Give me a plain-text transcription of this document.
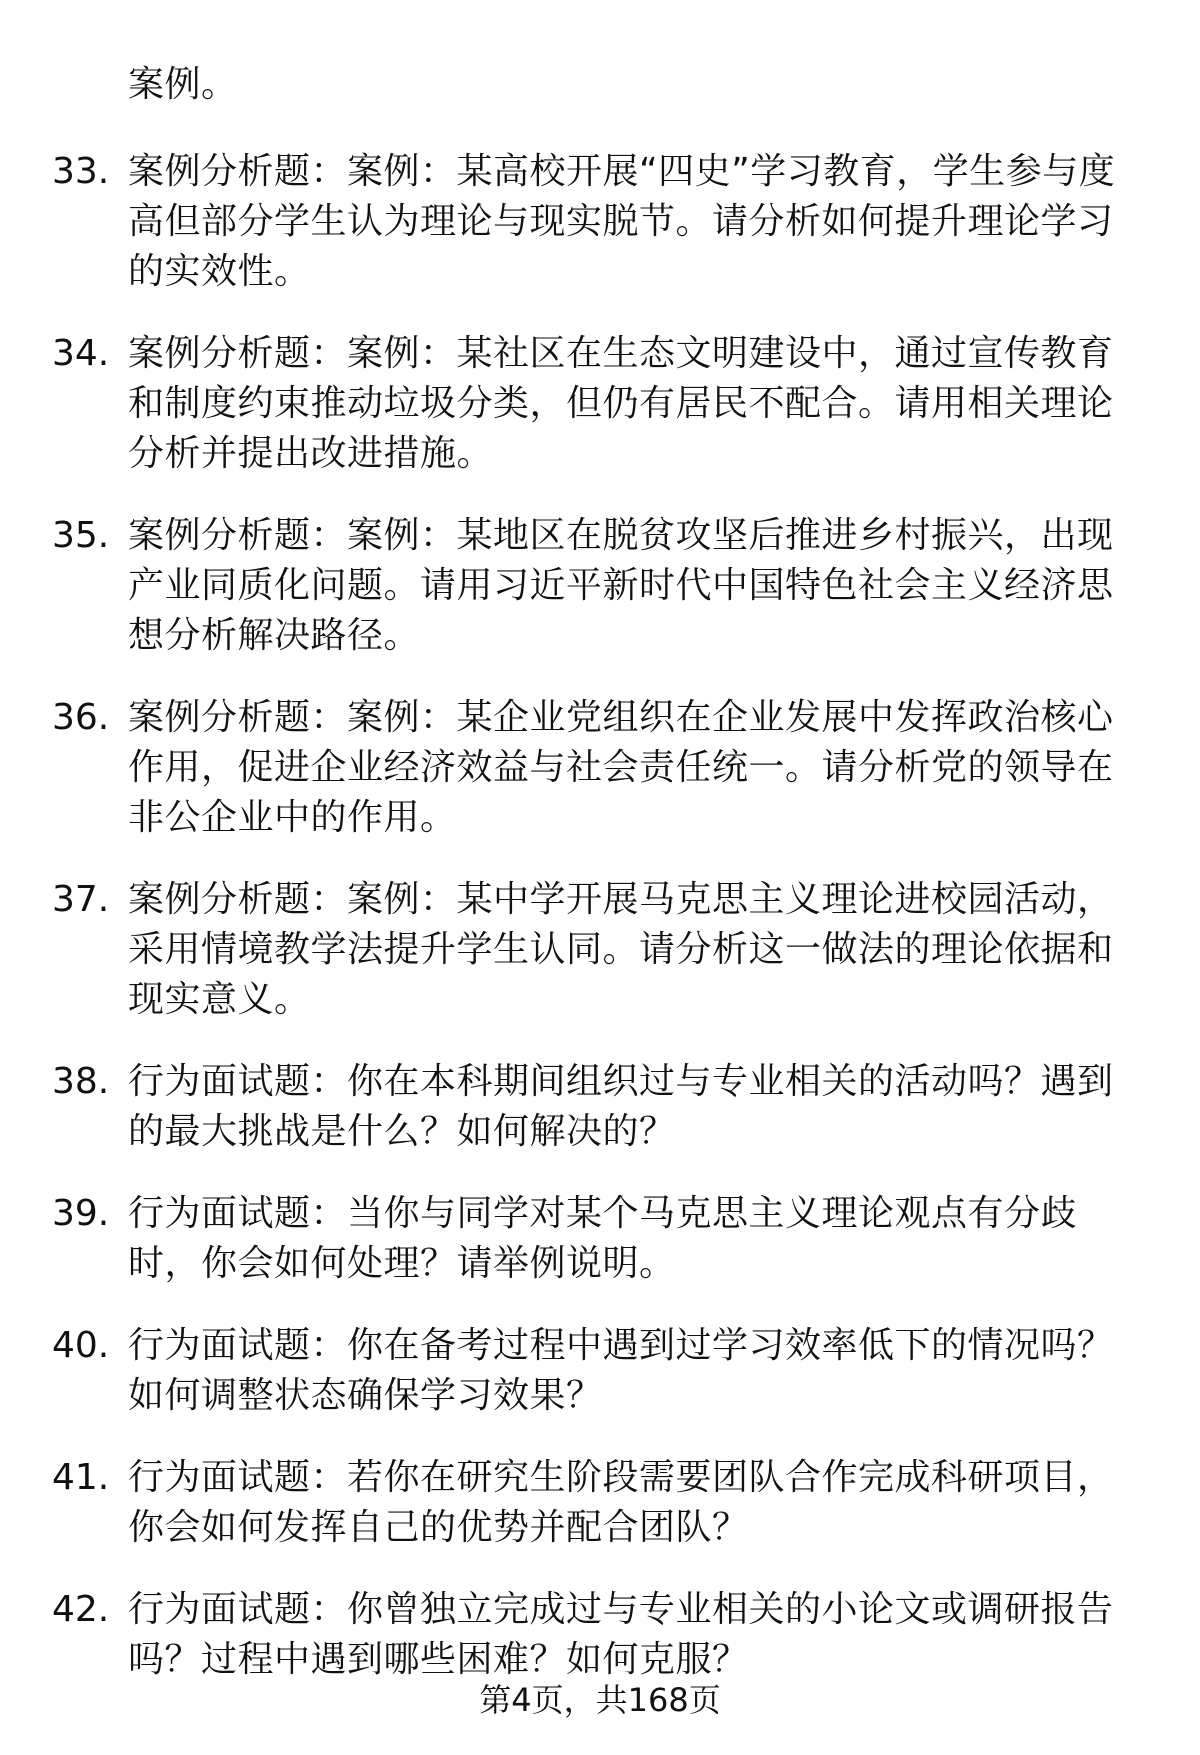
案例。
33. 案例分析题：案例：某高校开展“四史”学习教育，学生参与度高但部分学生认为理论与现实脱节。请分析如何提升理论学习的实效性。
34. 案例分析题：案例：某社区在生态文明建设中，通过宣传教育和制度约束推动垃圾分类，但仍有居民不配合。请用相关理论分析并提出改进措施。
35. 案例分析题：案例：某地区在脱贫攻坚后推进乡村振兴，出现产业同质化问题。请用习近平新时代中国特色社会主义经济思想分析解决路径。
36. 案例分析题：案例：某企业党组织在企业发展中发挥政治核心作用，促进企业经济效益与社会责任统一。请分析党的领导在非公企业中的作用。
37. 案例分析题：案例：某中学开展马克思主义理论进校园活动，采用情境教学法提升学生认同。请分析这一做法的理论依据和现实意义。
38. 行为面试题：你在本科期间组织过与专业相关的活动吗？遇到的最大挑战是什么？如何解决的？
39. 行为面试题：当你与同学对某个马克思主义理论观点有分歧时，你会如何处理？请举例说明。
40. 行为面试题：你在备考过程中遇到过学习效率低下的情况吗？如何调整状态确保学习效果？
41. 行为面试题：若你在研究生阶段需要团队合作完成科研项目，你会如何发挥自己的优势并配合团队？
42. 行为面试题：你曾独立完成过与专业相关的小论文或调研报告吗？过程中遇到哪些困难？如何克服？
第4页，共168页
